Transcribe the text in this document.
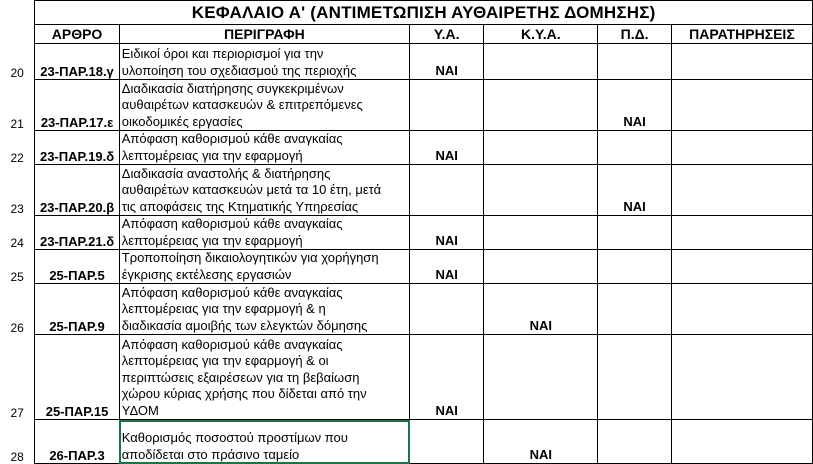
	ΚΕΦΑΛΑΙΟ Α' (ΑΝΤΙΜΕΤΩΠΙΣΗ ΑΥΘΑΙΡΕΤΗΣ ΔΟΜΗΣΗΣ)					
	ΑΡΘΡΟ	ΠΕΡΙΓΡΑΦΗ	Υ.Α.	Κ.Υ.Α.	Π.Δ.	ΠΑΡΑΤΗΡΗΣΕΙΣ
20	23-ΠΑΡ.18.γ	Ειδικοί όροι και περιορισμοί για την
υλοποίηση του σχεδιασμού της περιοχής	ΝΑΙ			
21	23-ΠΑΡ.17.ε	Διαδικασία διατήρησης συγκεκριμένων
αυθαιρέτων κατασκευών & επιτρεπόμενες
οικοδομικές εργασίες			ΝΑΙ	
22	23-ΠΑΡ.19.δ	Απόφαση καθορισμού κάθε αναγκαίας
λεπτομέρειας για την εφαρμογή	ΝΑΙ			
23	23-ΠΑΡ.20.β	Διαδικασία αναστολής & διατήρησης
αυθαιρέτων κατασκευών μετά τα 10 έτη, μετά
τις αποφάσεις της Κτηματικής Υπηρεσίας			ΝΑΙ	
24	23-ΠΑΡ.21.δ	Απόφαση καθορισμού κάθε αναγκαίας
λεπτομέρειας για την εφαρμογή	ΝΑΙ			
25	25-ΠΑΡ.5	Τροποποίηση δικαιολογητικών για χορήγηση
έγκρισης εκτέλεσης εργασιών	ΝΑΙ			
26	25-ΠΑΡ.9	Απόφαση καθορισμού κάθε αναγκαίας
λεπτομέρειας για την εφαρμογή & η
διαδικασία αμοιβής των ελεγκτών δόμησης		ΝΑΙ		
27	25-ΠΑΡ.15	Απόφαση καθορισμού κάθε αναγκαίας
λεπτομέρειας για την εφαρμογή & οι
περιπτώσεις εξαιρέσεων για τη βεβαίωση
χώρου κύριας χρήσης που δίδεται από την
ΥΔΟΜ	ΝΑΙ			
28	26-ΠΑΡ.3	Καθορισμός ποσοστού προστίμων που
αποδίδεται στο πράσινο ταμείο		ΝΑΙ		
